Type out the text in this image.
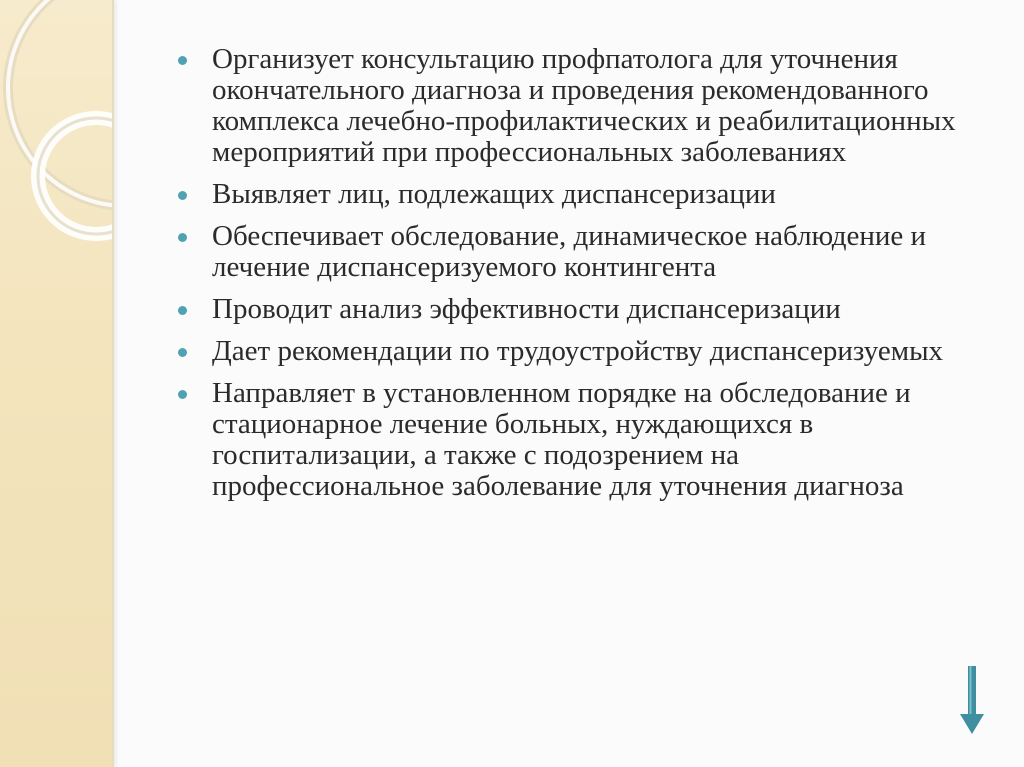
Организует консультацию профпатолога для уточнения окончательного диагноза и проведения рекомендованного комплекса лечебно-профилактических и реабилитационных мероприятий при профессиональных заболеваниях
Выявляет лиц, подлежащих диспансеризации
Обеспечивает обследование, динамическое наблюдение и лечение диспансеризуемого контингента
Проводит анализ эффективности диспансеризации
Дает рекомендации по трудоустройству диспансеризуемых
Направляет в установленном порядке на обследование и стационарное лечение больных, нуждающихся в госпитализации, а также с подозрением на профессиональное заболевание для уточнения диагноза
